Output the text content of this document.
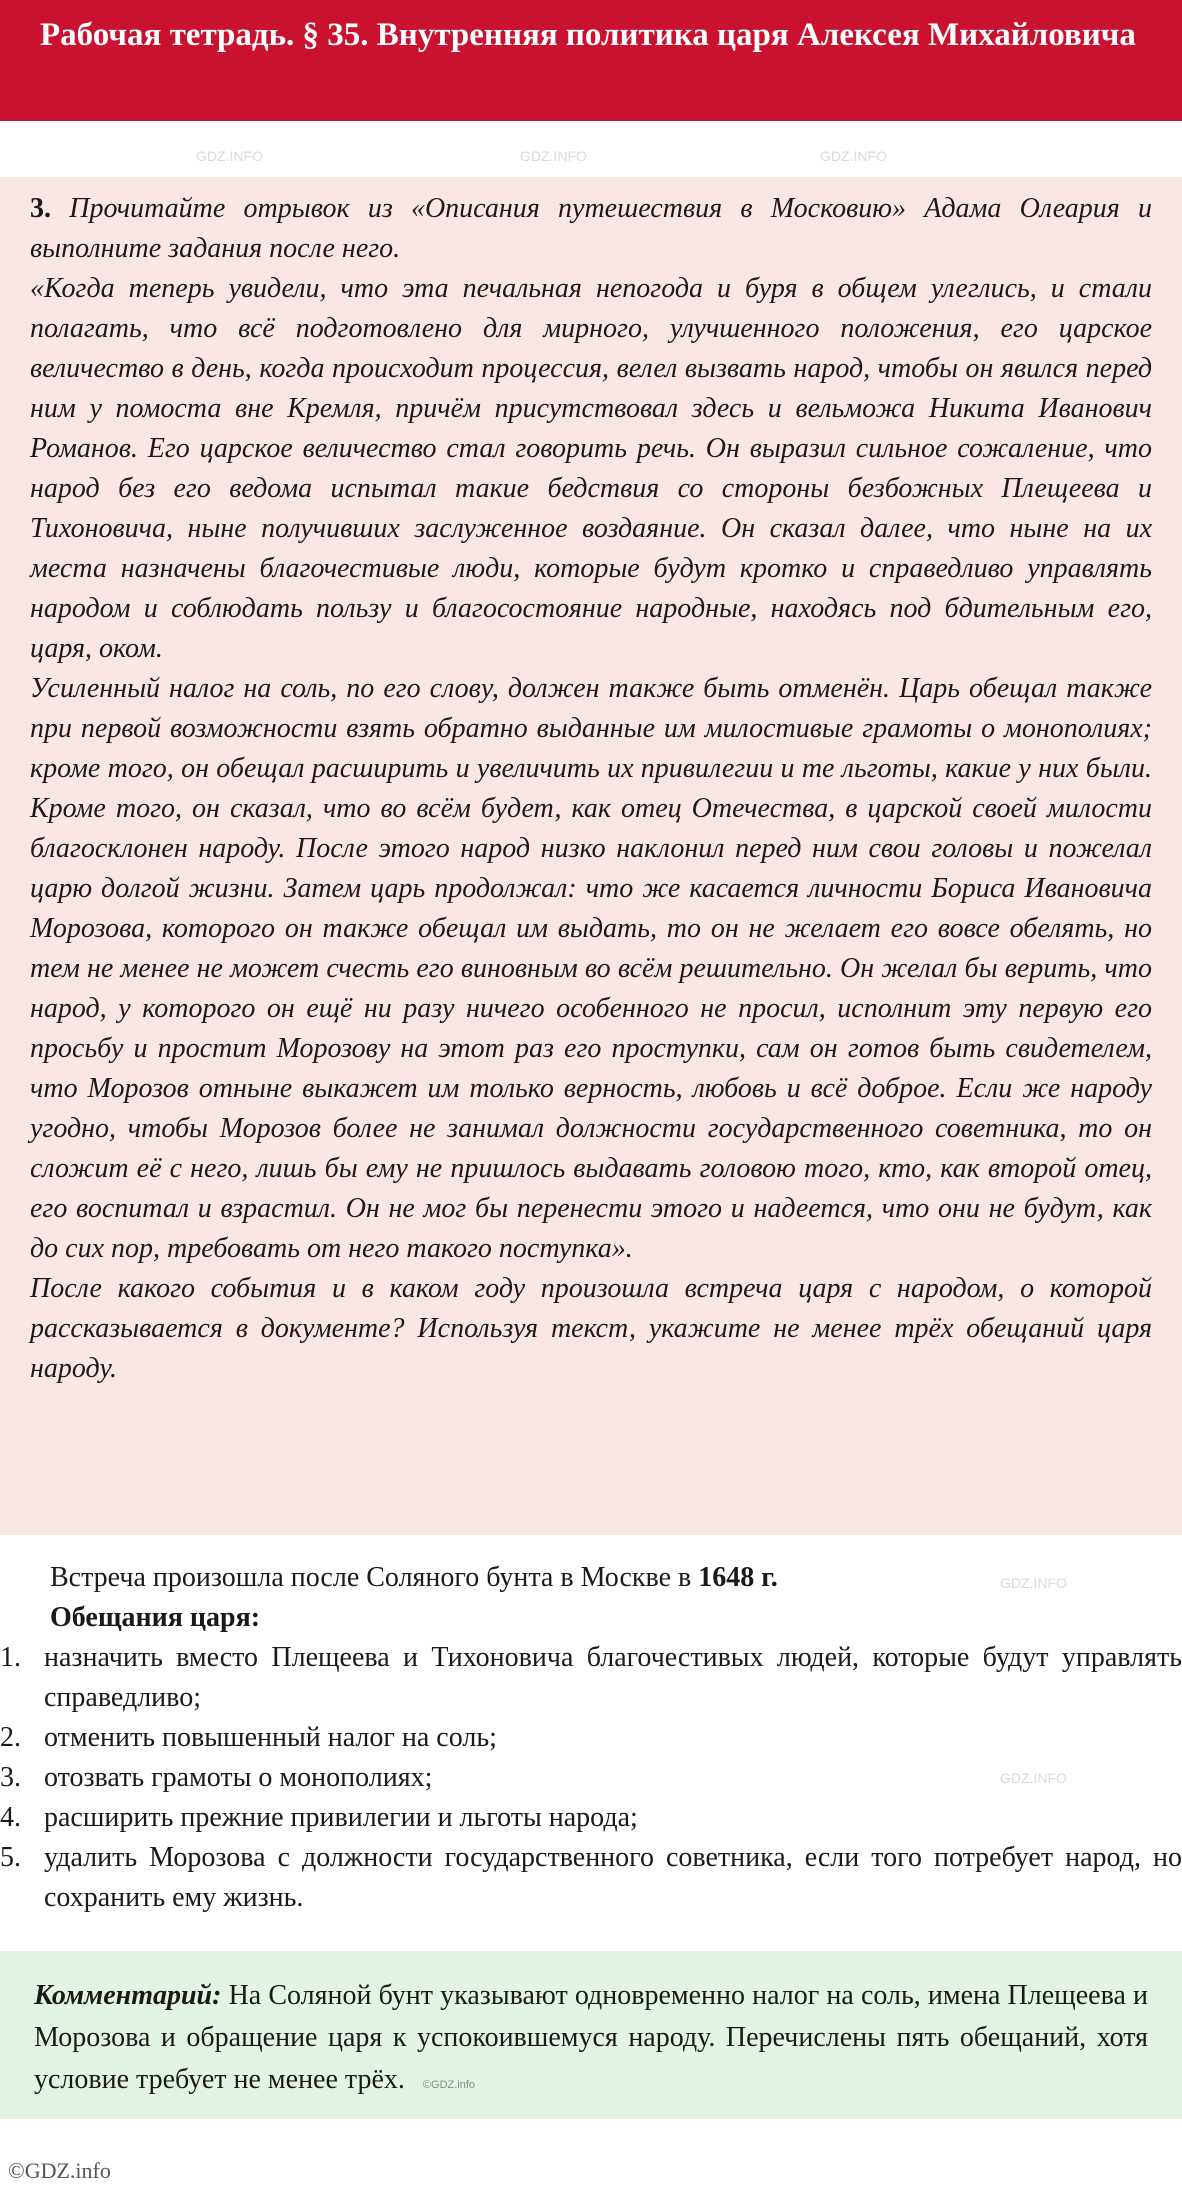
Рабочая тетрадь. § 35. Внутренняя политика царя Алексея Михайловича

3. Прочитайте отрывок из «Описания путешествия в Московию» Адама Олеария и выполните задания после него.

«Когда теперь увидели, что эта печальная непогода и буря в общем улеглись, и стали полагать, что всё подготовлено для мирного, улучшенного положения, его царское величество в день, когда происходит процессия, велел вызвать народ, чтобы он явился перед ним у помоста вне Кремля, причём присутствовал здесь и вельможа Никита Иванович Романов. Его царское величество стал говорить речь. Он выразил сильное сожаление, что народ без его ведома испытал такие бедствия со стороны безбожных Плещеева и Тихоновича, ныне получивших заслуженное воздаяние. Он сказал далее, что ныне на их места назначены благочестивые люди, которые будут кротко и справедливо управлять народом и соблюдать пользу и благосостояние народные, находясь под бдительным его, царя, оком.

Усиленный налог на соль, по его слову, должен также быть отменён. Царь обещал также при первой возможности взять обратно выданные им милостивые грамоты о монополиях; кроме того, он обещал расширить и увеличить их привилегии и те льготы, какие у них были. Кроме того, он сказал, что во всём будет, как отец Отечества, в царской своей милости благосклонен народу. После этого народ низко наклонил перед ним свои головы и пожелал царю долгой жизни. Затем царь продолжал: что же касается личности Бориса Ивановича Морозова, которого он также обещал им выдать, то он не желает его вовсе обелять, но тем не менее не может счесть его виновным во всём решительно. Он желал бы верить, что народ, у которого он ещё ни разу ничего особенного не просил, исполнит эту первую его просьбу и простит Морозову на этот раз его проступки, сам он готов быть свидетелем, что Морозов отныне выкажет им только верность, любовь и всё доброе. Если же народу угодно, чтобы Морозов более не занимал должности государственного советника, то он сложит её с него, лишь бы ему не пришлось выдавать головою того, кто, как второй отец, его воспитал и взрастил. Он не мог бы перенести этого и надеется, что они не будут, как до сих пор, требовать от него такого поступка».

После какого события и в каком году произошла встреча царя с народом, о которой рассказывается в документе? Используя текст, укажите не менее трёх обещаний царя народу.

Встреча произошла после Соляного бунта в Москве в 1648 г.

Обещания царя:

1. назначить вместо Плещеева и Тихоновича благочестивых людей, которые будут управлять справедливо;
2. отменить повышенный налог на соль;
3. отозвать грамоты о монополиях;
4. расширить прежние привилегии и льготы народа;
5. удалить Морозова с должности государственного советника, если того потребует народ, но сохранить ему жизнь.

Комментарий: На Соляной бунт указывают одновременно налог на соль, имена Плещеева и Морозова и обращение царя к успокоившемуся народу. Перечислены пять обещаний, хотя условие требует не менее трёх. ©GDZ.info

©GDZ.info
GDZ.INFO	GDZ.INFO	GDZ.INFO
GDZ.INFO
GDZ.INFO
